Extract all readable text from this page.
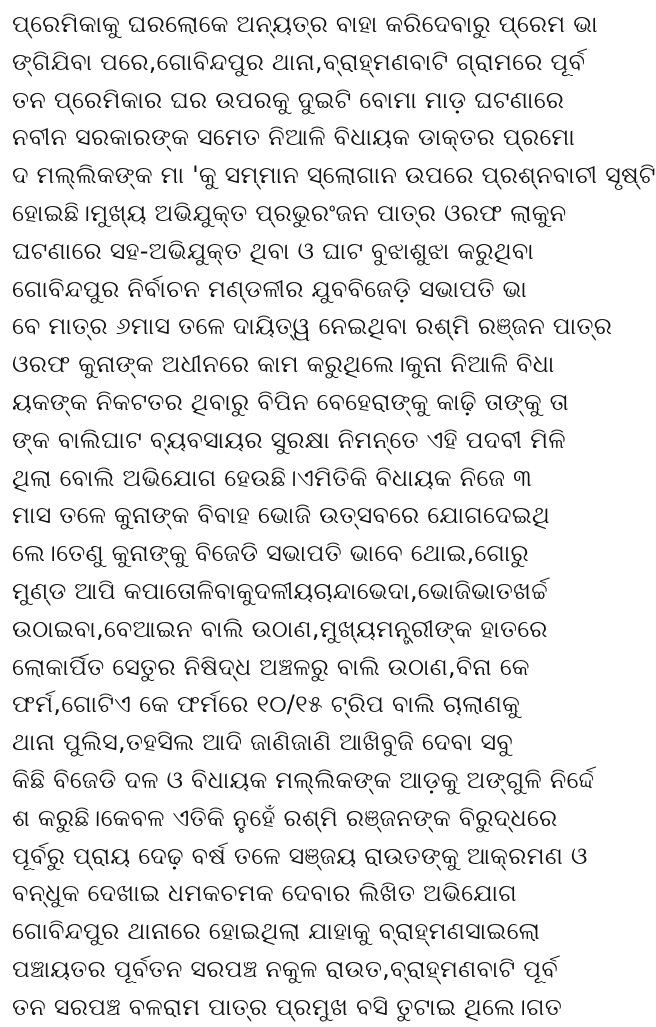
ପ୍ରେମିକାକୁ ଘରଲୋକେ ଅନ୍ୟତ୍ର ବାହା କରିଦେବାରୁ ପ୍ରେମ ଭା
ଙ୍ଗିଯିବା ପରେ,ଗୋବିନ୍ଦପୁର ଥାନା,ବ୍ରାହ୍ମଣବାଟି ଗ୍ରାମରେ ପୂର୍ବ
ତନ ପ୍ରେମିକାର ଘର ଉପରକୁ ଦୁଇଟି ବୋମା ମାଡ଼ ଘଟଣାରେ
ନବୀନ ସରକାରଙ୍କ ସମେତ ନିଆଳି ବିଧାୟକ ଡାକ୍ତର ପ୍ରମୋ
ଦ ମଲ୍ଲିକଙ୍କ ମା 'କୁ ସମ୍ମାନ ସ୍ଲୋଗାନ ଉପରେ ପ୍ରଶ୍ନବାଚୀ ସୃଷ୍ଟି
ହୋଇଛି।ମୁଖ୍ୟ ଅଭିଯୁକ୍ତ ପ୍ରଭୁରଂଜନ ପାତ୍ର ଓରଫ ଲାକୁନ
ଘଟଣାରେ ସହ-ଅଭିଯୁକ୍ତ ଥିବା ଓ ଘାଟ ବୁଝାଶୁଝା କରୁଥିବା
ଗୋବିନ୍ଦପୁର ନିର୍ବାଚନ ମଣ୍ଡଳୀର ଯୁବବିଜେଡ଼ି ସଭାପତି ଭା
ବେ ମାତ୍ର ୬ମାସ ତଳେ ଦାୟିତ୍ୱ ନେଇଥିବା ରଶ୍ମି ରଞ୍ଜନ ପାତ୍ର
ଓରଫ କୁନାଙ୍କ ଅଧୀନରେ କାମ କରୁଥିଲେ।କୁନା ନିଆଳି ବିଧା
ୟକଙ୍କ ନିକଟତର ଥିବାରୁ ବିପିନ ବେହେରାଙ୍କୁ କାଢ଼ି ତାଙ୍କୁ ତା
ଙ୍କ ବାଲିଘାଟ ବ୍ୟବସାୟର ସୁରକ୍ଷା ନିମନ୍ତେ ଏହି ପଦବୀ ମିଳି
ଥିଲା ବୋଲି ଅଭିଯୋଗ ହେଉଛି।ଏମିତିକି ବିଧାୟକ ନିଜେ ୩
ମାସ ତଳେ କୁନାଙ୍କ ବିବାହ ଭୋଜି ଉତ୍ସବରେ ଯୋଗଦେଇଥି
ଲେ।ତେଣୁ କୁନାଙ୍କୁ ବିଜେଡି ସଭାପତି ଭାବେ ଥୋଇ,ଗୋରୁ
ମୁଣ୍ଡ ଆପି କପାତୋଳିବାକୁଦଳୀୟଚାନ୍ଦାଭେଦା,ଭୋଜିଭାତଖର୍ଚ୍ଚ
ଉଠାଇବା,ବେଆଇନ ବାଲି ଉଠାଣ,ମୁଖ୍ୟମନ୍ତ୍ରୀଙ୍କ ହାତରେ
ଲୋକାର୍ପିତ ସେତୁର ନିଷିଦ୍ଧ ଅଞ୍ଚଳରୁ ବାଲି ଉଠାଣ,ବିନା କେ
ଫର୍ମ,ଗୋଟିଏ କେ ଫର୍ମରେ ୧୦/୧୫ ଟ୍ରିପ ବାଲି ଚାଲାଣକୁ
ଥାନା ପୁଲିସ,ତହସିଲ ଆଦି ଜାଣିଜାଣି ଆଖିବୁଜି ଦେବା ସବୁ
କିଛି ବିଜେଡି ଦଳ ଓ ବିଧାୟକ ମଲ୍ଲିକଙ୍କ ଆଡ଼କୁ ଅଙ୍ଗୁଳି ନିର୍ଦ୍ଦେ
ଶ କରୁଛି।କେବଳ ଏତିକି ନୁହେଁ ରଶ୍ମି ରଞ୍ଜନଙ୍କ ବିରୁଦ୍ଧରେ
ପୂର୍ବରୁ ପ୍ରାୟ ଦେଢ଼ ବର୍ଷ ତଳେ ସଞ୍ଜୟ ରାଉତଙ୍କୁ ଆକ୍ରମଣ ଓ
ବନ୍ଧୁକ ଦେଖାଇ ଧମକଚମକ ଦେବାର ଲିଖିତ ଅଭିଯୋଗ
ଗୋବିନ୍ଦପୁର ଥାନାରେ ହୋଇଥିଲା ଯାହାକୁ ବ୍ରାହ୍ମଣସାଇଲୋ
ପଞ୍ଚାୟତର ପୂର୍ବତନ ସରପଞ୍ଚ ନକୁଳ ରାଉତ,ବ୍ରାହ୍ମଣବାଟି ପୂର୍ବ
ତନ ସରପଞ୍ଚ ବଳରାମ ପାତ୍ର ପ୍ରମୁଖ ବସି ତୁଟାଇ ଥିଲେ।ଗତ
